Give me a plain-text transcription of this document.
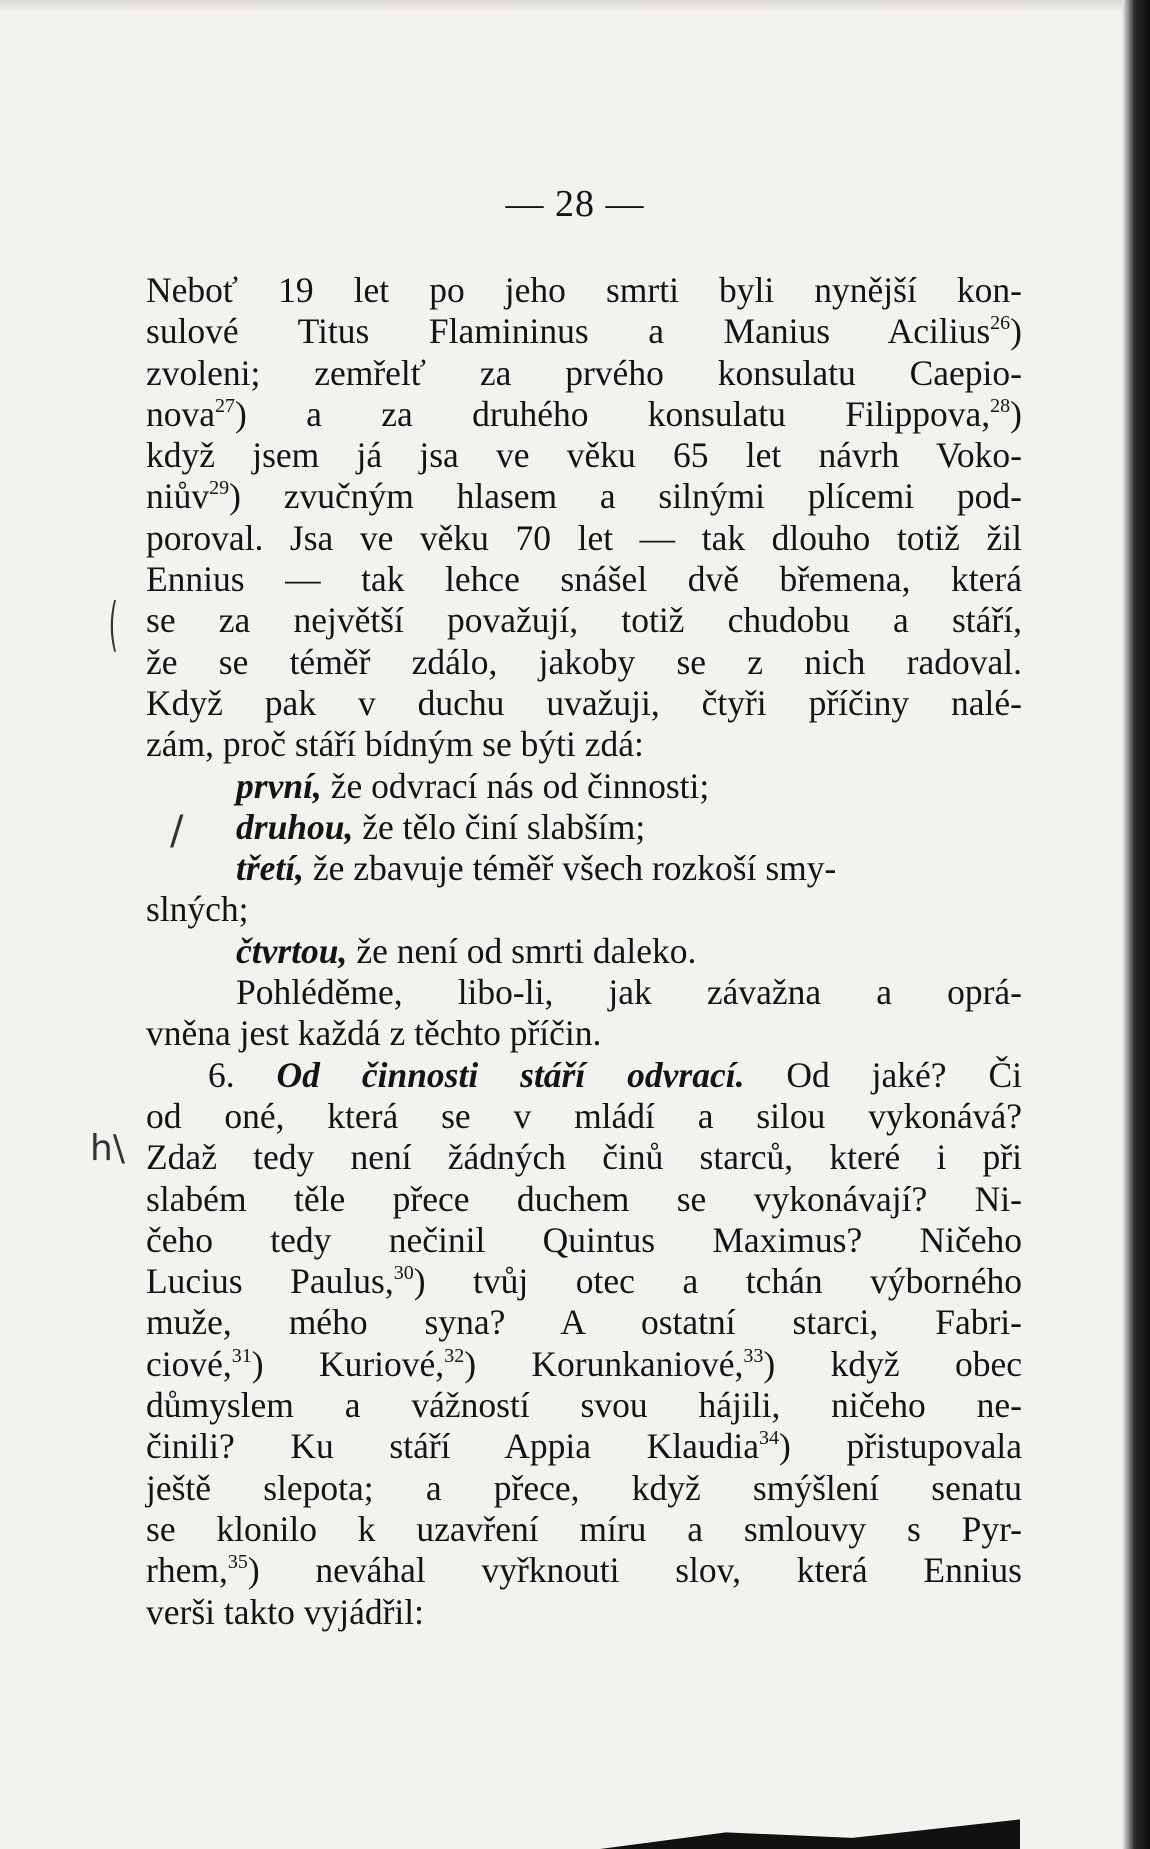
— 28 —
(
/
h\
Neboť 19 let po jeho smrti byli nynější kon-
sulové Titus Flamininus a Manius Acilius$^{26}$)
zvoleni; zemřelť za prvého konsulatu Caepio-
nova$^{27}$) a za druhého konsulatu Filippova,$^{28}$)
když jsem já jsa ve věku 65 let návrh Voko-
niův$^{29}$) zvučným hlasem a silnými plícemi pod-
poroval. Jsa ve věku 70 let — tak dlouho totiž žil
Ennius — tak lehce snášel dvě břemena, která
se za největší považují, totiž chudobu a stáří,
že se téměř zdálo, jakoby se z nich radoval.
Když pak v duchu uvažuji, čtyři příčiny nalé-
zám, proč stáří bídným se býti zdá:
první, že odvrací nás od činnosti;
druhou, že tělo činí slabším;
třetí, že zbavuje téměř všech rozkoší smy-
slných;
čtvrtou, že není od smrti daleko.
Pohléděme, libo-li, jak závažna a oprá-
vněna jest každá z těchto příčin.
6. Od činnosti stáří odvrací. Od jaké? Či
od oné, která se v mládí a silou vykonává?
Zdaž tedy není žádných činů starců, které i při
slabém těle přece duchem se vykonávají? Ni-
čeho tedy nečinil Quintus Maximus? Ničeho
Lucius Paulus,$^{30}$) tvůj otec a tchán výborného
muže, mého syna? A ostatní starci, Fabri-
ciové,$^{31}$) Kuriové,$^{32}$) Korunkaniové,$^{33}$) když obec
důmyslem a vážností svou hájili, ničeho ne-
činili? Ku stáří Appia Klaudia$^{34}$) přistupovala
ještě slepota; a přece, když smýšlení senatu
se klonilo k uzavření míru a smlouvy s Pyr-
rhem,$^{35}$) neváhal vyřknouti slov, která Ennius
verši takto vyjádřil:
